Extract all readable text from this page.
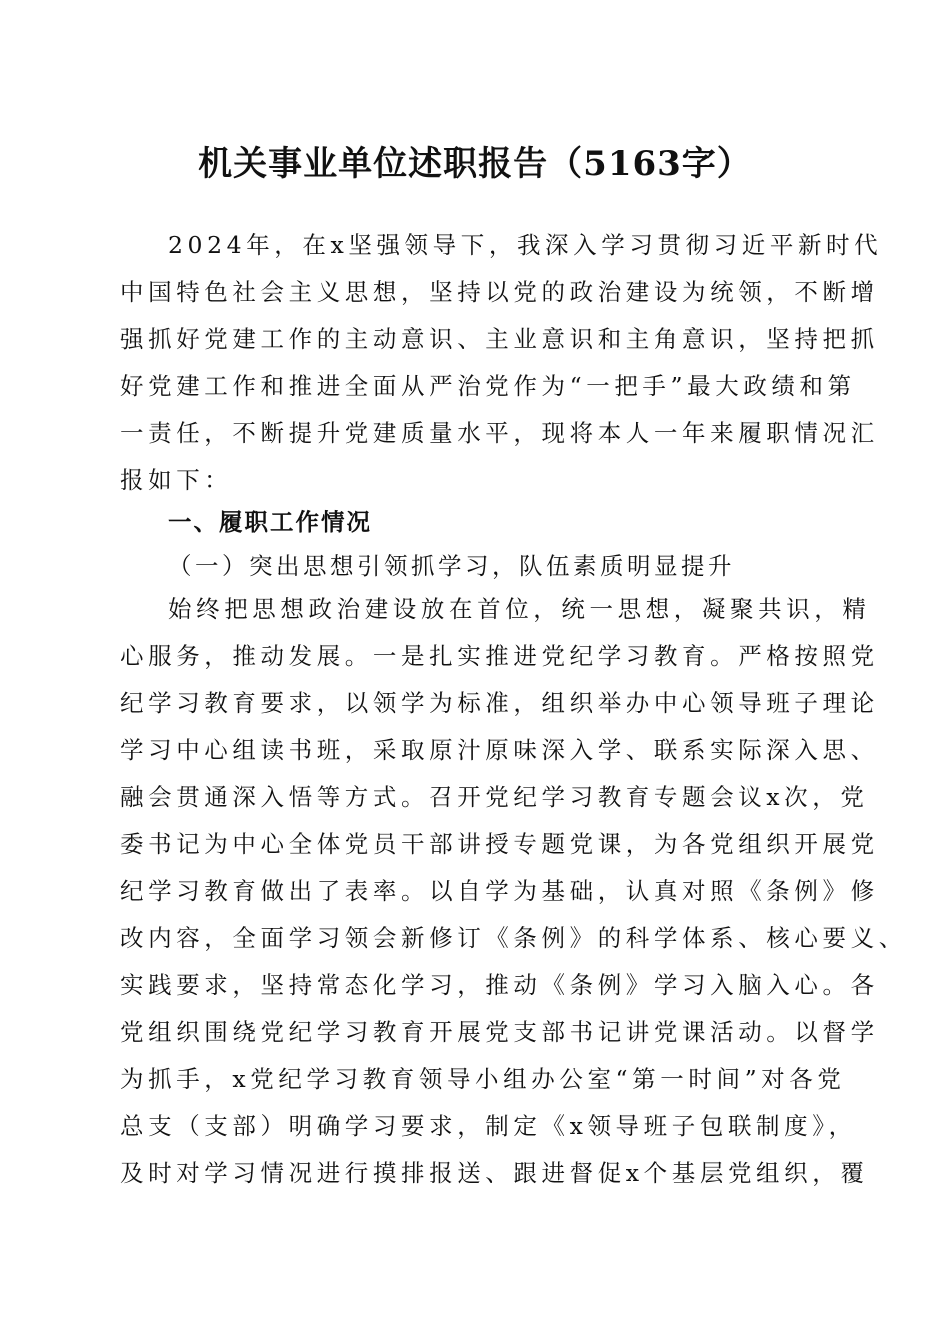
机关事业单位述职报告（5163字）
2024年，在x坚强领导下，我深入学习贯彻习近平新时代
中国特色社会主义思想，坚持以党的政治建设为统领，不断增
强抓好党建工作的主动意识、主业意识和主角意识，坚持把抓
好党建工作和推进全面从严治党作为“一把手”最大政绩和第
一责任，不断提升党建质量水平，现将本人一年来履职情况汇
报如下：
一、履职工作情况
（一）突出思想引领抓学习，队伍素质明显提升
始终把思想政治建设放在首位，统一思想，凝聚共识，精
心服务，推动发展。一是扎实推进党纪学习教育。严格按照党
纪学习教育要求，以领学为标准，组织举办中心领导班子理论
学习中心组读书班，采取原汁原味深入学、联系实际深入思、
融会贯通深入悟等方式。召开党纪学习教育专题会议x次，党
委书记为中心全体党员干部讲授专题党课，为各党组织开展党
纪学习教育做出了表率。以自学为基础，认真对照《条例》修
改内容，全面学习领会新修订《条例》的科学体系、核心要义、
实践要求，坚持常态化学习，推动《条例》学习入脑入心。各
党组织围绕党纪学习教育开展党支部书记讲党课活动。以督学
为抓手，x党纪学习教育领导小组办公室“第一时间”对各党
总支（支部）明确学习要求，制定《x领导班子包联制度》，
及时对学习情况进行摸排报送、跟进督促x个基层党组织，覆
